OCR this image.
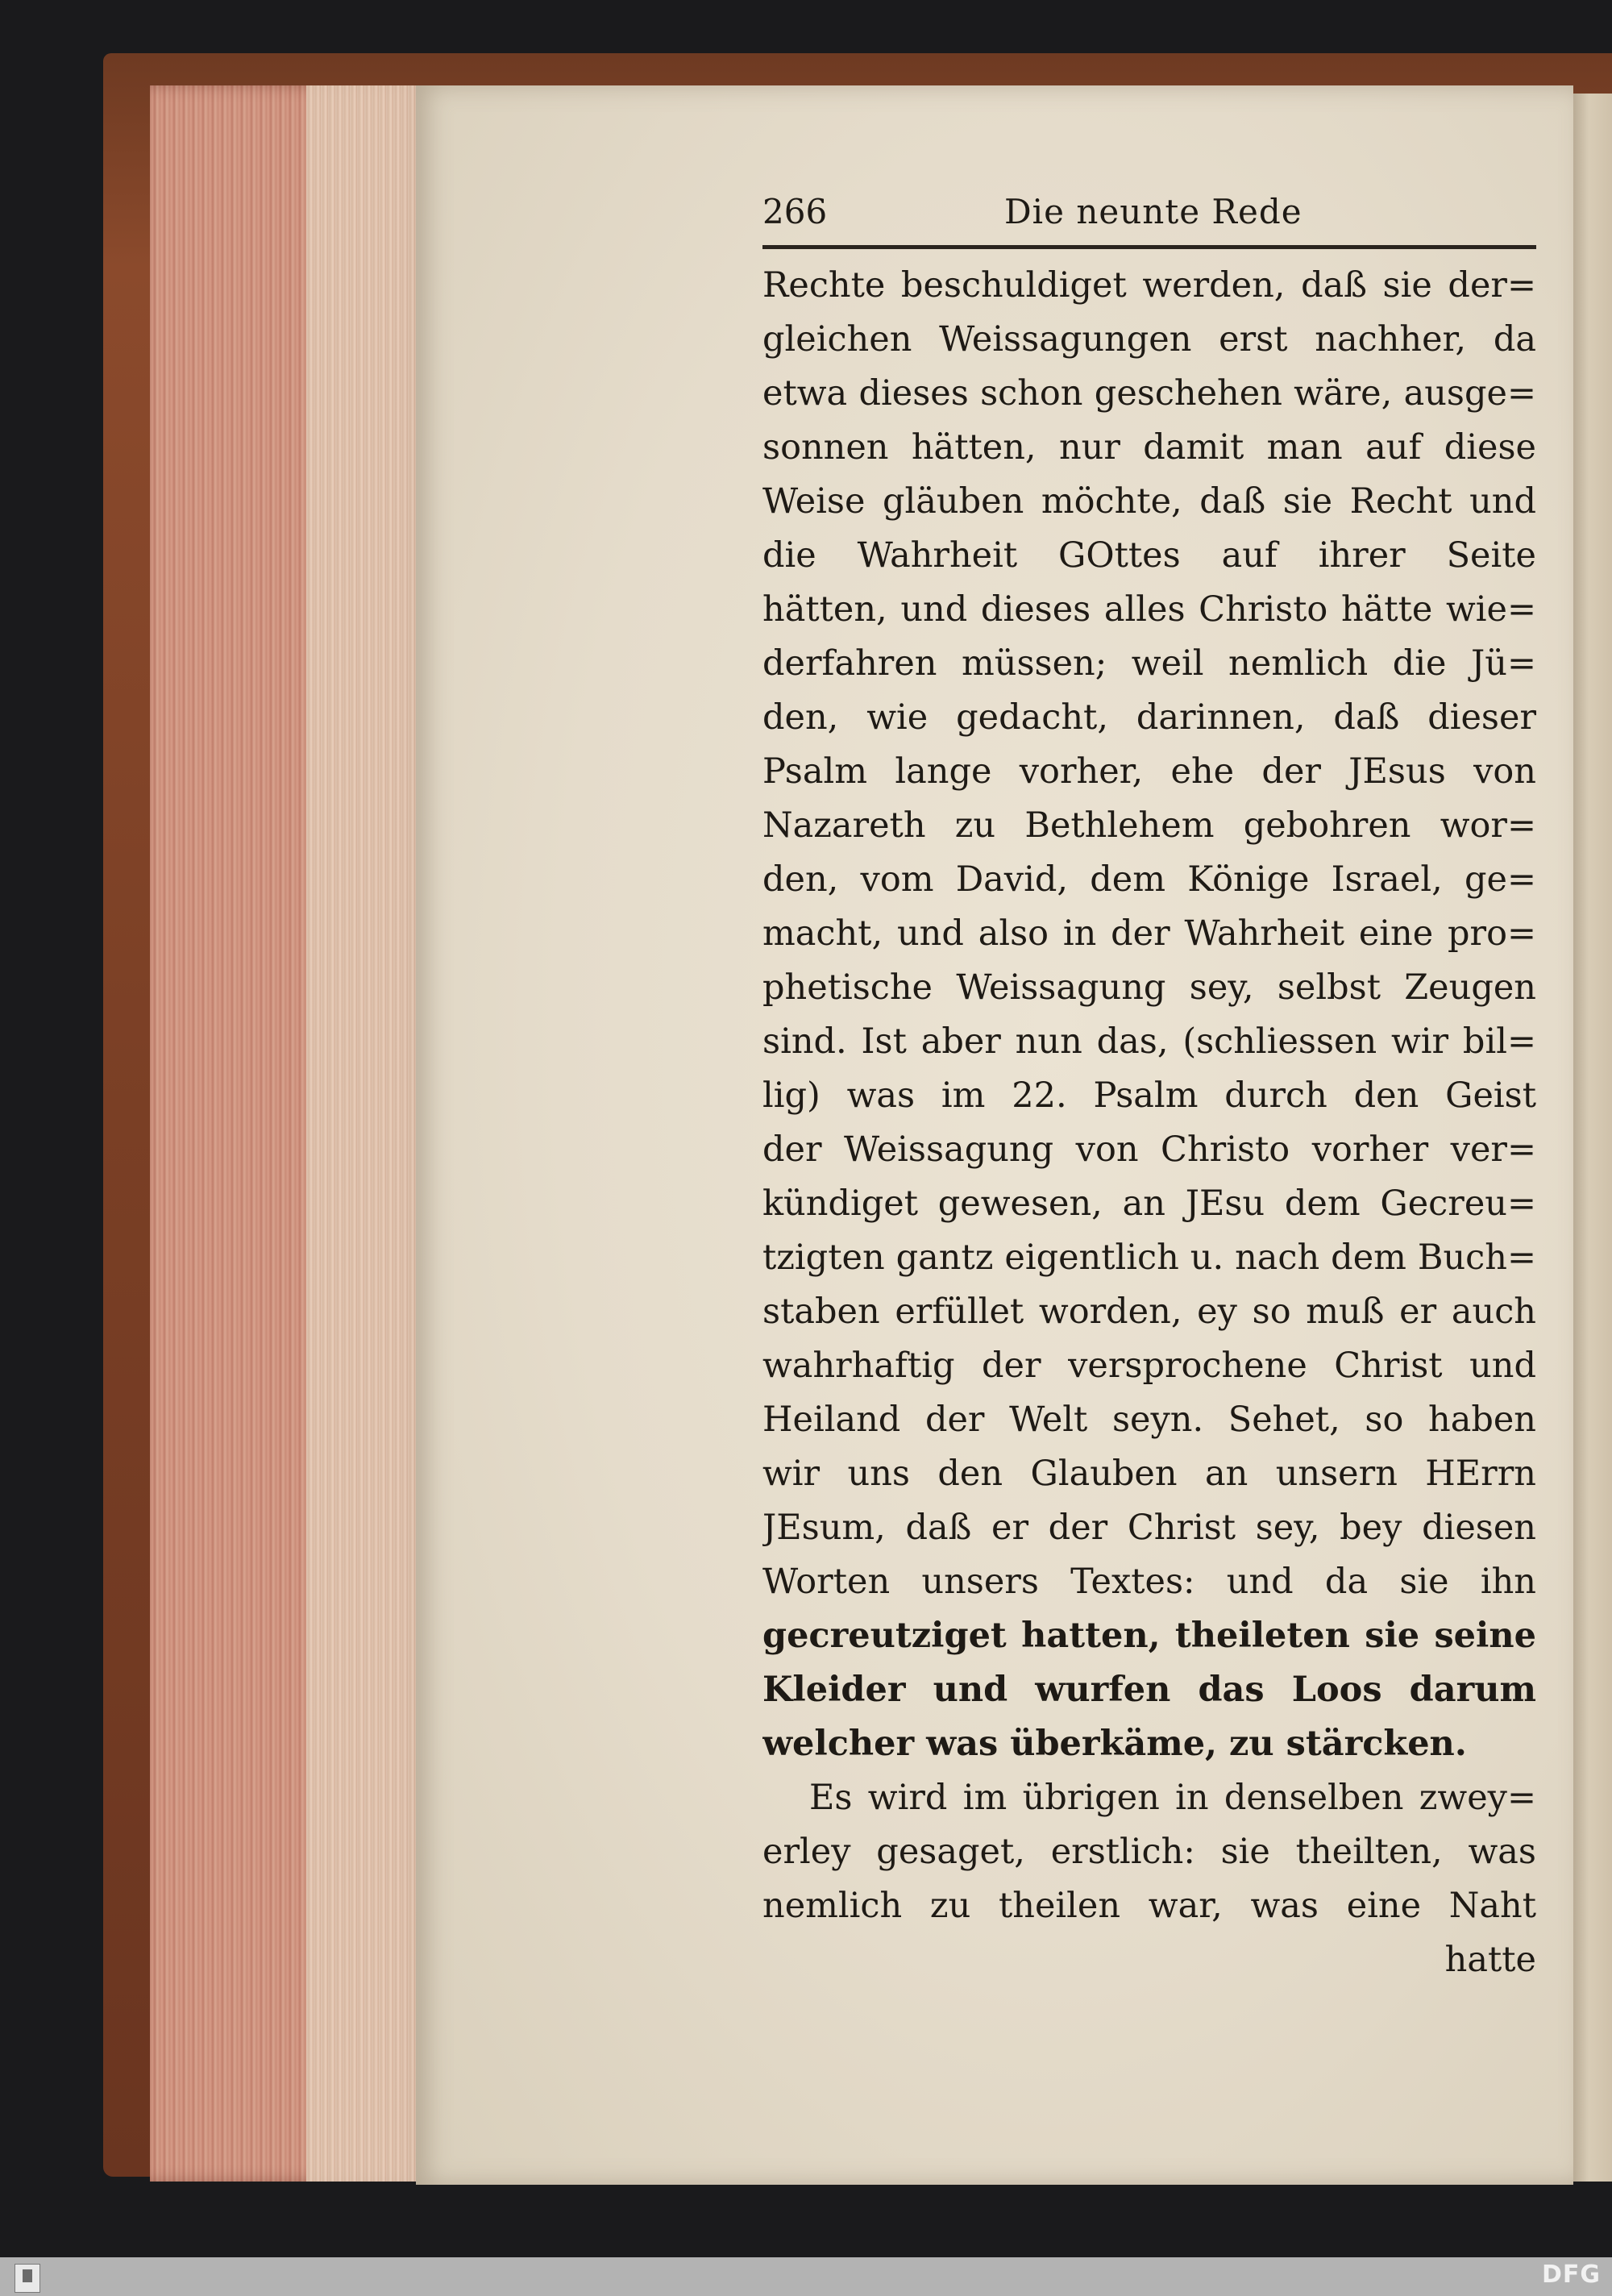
266	Die neunte Rede
Rechte beschuldiget werden, daß sie der=
gleichen Weissagungen erst nachher, da
etwa dieses schon geschehen wäre, ausge=
sonnen hätten, nur damit man auf diese
Weise gläuben möchte, daß sie Recht und
die Wahrheit GOttes auf ihrer Seite
hätten, und dieses alles Christo hätte wie=
derfahren müssen; weil nemlich die Jü=
den, wie gedacht, darinnen, daß dieser
Psalm lange vorher, ehe der JEsus von
Nazareth zu Bethlehem gebohren wor=
den, vom David, dem Könige Israel, ge=
macht, und also in der Wahrheit eine pro=
phetische Weissagung sey, selbst Zeugen
sind. Ist aber nun das, (schliessen wir bil=
lig) was im 22. Psalm durch den Geist
der Weissagung von Christo vorher ver=
kündiget gewesen, an JEsu dem Gecreu=
tzigten gantz eigentlich u. nach dem Buch=
staben erfüllet worden, ey so muß er auch
wahrhaftig der versprochene Christ und
Heiland der Welt seyn. Sehet, so haben
wir uns den Glauben an unsern HErrn
JEsum, daß er der Christ sey, bey diesen
Worten unsers Textes: und da sie ihn
gecreutziget hatten, theileten sie seine
Kleider und wurfen das Loos darum
welcher was überkäme, zu stärcken.
Es wird im übrigen in denselben zwey=
erley gesaget, erstlich: sie theilten, was
nemlich zu theilen war, was eine Naht
hatte
DFG
